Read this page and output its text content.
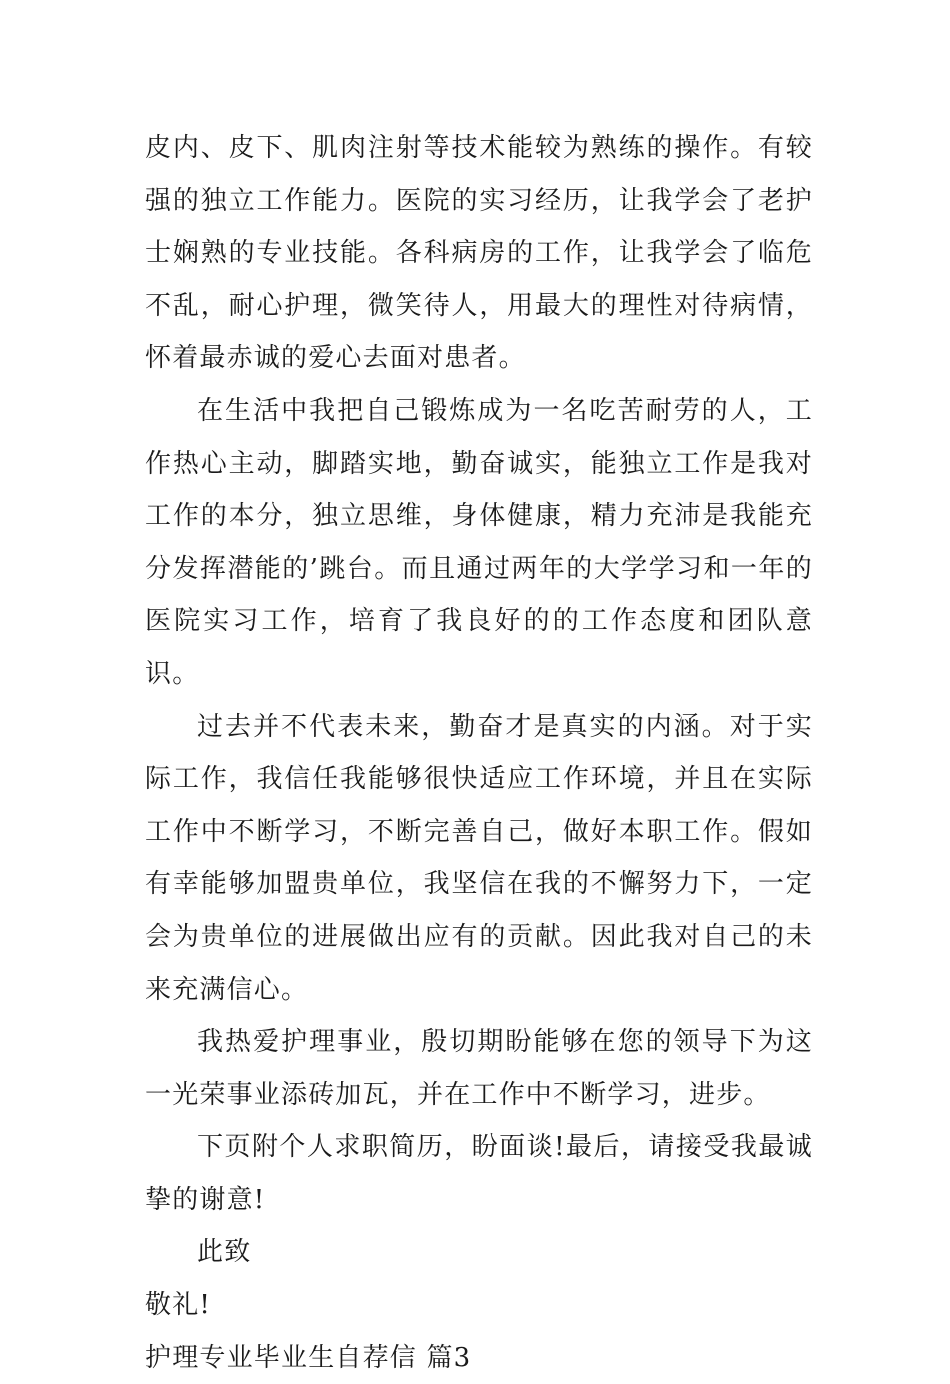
皮内、皮下、肌肉注射等技术能较为熟练的操作。有较强的独立工作能力。医院的实习经历，让我学会了老护士娴熟的专业技能。各科病房的工作，让我学会了临危不乱，耐心护理，微笑待人，用最大的理性对待病情，怀着最赤诚的爱心去面对患者。

在生活中我把自己锻炼成为一名吃苦耐劳的人，工作热心主动，脚踏实地，勤奋诚实，能独立工作是我对工作的本分，独立思维，身体健康，精力充沛是我能充分发挥潜能的’跳台。而且通过两年的大学学习和一年的医院实习工作，培育了我良好的的工作态度和团队意识。

过去并不代表未来，勤奋才是真实的内涵。对于实际工作，我信任我能够很快适应工作环境，并且在实际工作中不断学习，不断完善自己，做好本职工作。假如有幸能够加盟贵单位，我坚信在我的不懈努力下，一定会为贵单位的进展做出应有的贡献。因此我对自己的未来充满信心。

我热爱护理事业，殷切期盼能够在您的领导下为这一光荣事业添砖加瓦，并在工作中不断学习，进步。

下页附个人求职简历，盼面谈!最后，请接受我最诚挚的谢意!

此致

敬礼!

护理专业毕业生自荐信 篇3
